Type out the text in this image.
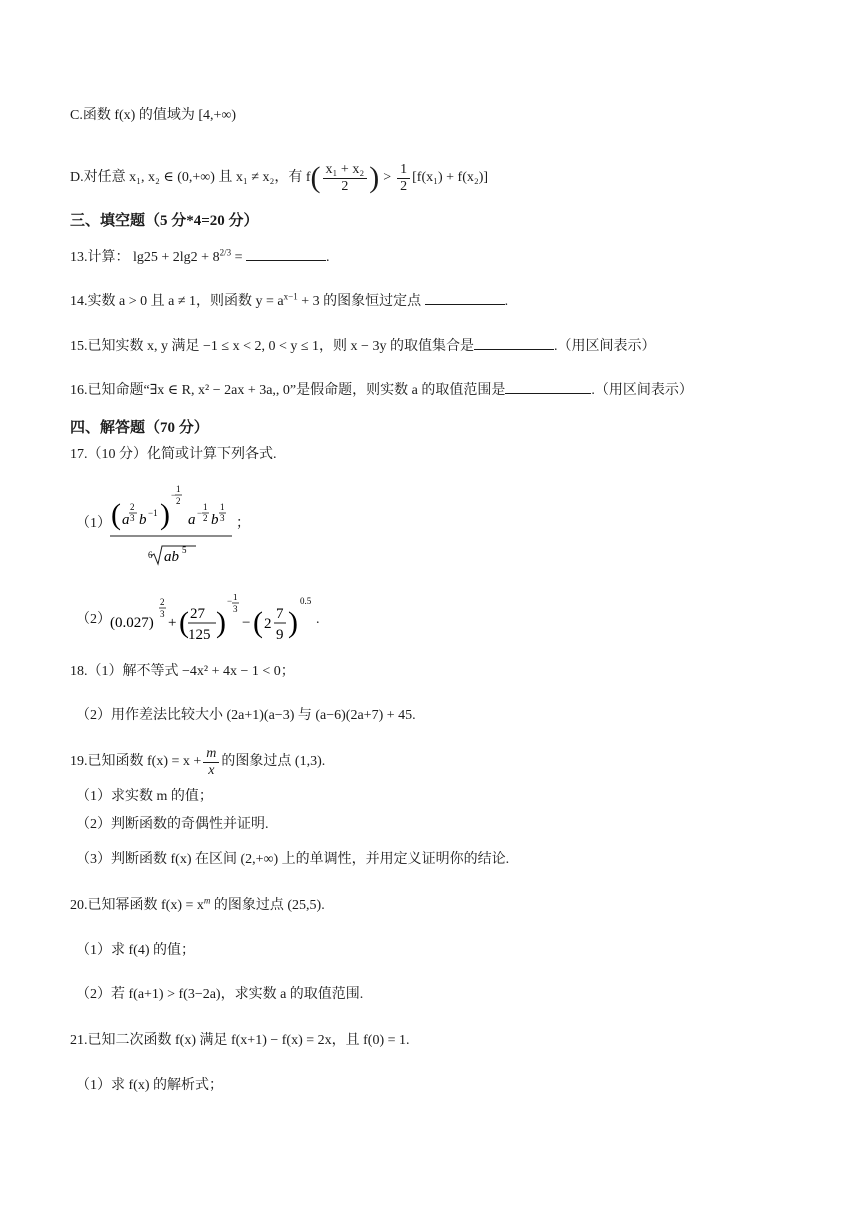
C.函数 f(x) 的值域为 [4,+∞)
D.对任意 x₁, x₂ ∈ (0,+∞) 且 x₁ ≠ x₂，有 f ( $\frac{\text{x₁ + x₂}}{2}$ ) > $\frac{1}{2} [f(x_1) + f(x_2)]$
三、填空题（5 分*4=20 分）
13.计算： $\lg 25 + 2\lg 2 + 8^{2/3}$ =	.
14.实数 a > 0 且 a ≠ 1，则函数 $y = a^{x-1} + 3$ 的图象恒过定点	.
15.已知实数 x, y 满足 −1 ≤ x < 2, 0 < y ≤ 1，则 x − 3y 的取值集合是	.（用区间表示）
16.已知命题“∃x ∈ R, x² − 2ax + 3a,, 0”是假命题，则实数 a 的取值范围是	.（用区间表示）
四、解答题（70 分）
17.（10 分）化简或计算下列各式.
（1） ( a
2
3 b −1 )
−
1
2
a −
1
2 b
1
3
6 ab 5
；
（2） (0.027)
2
3
+ ( 27
125 )
− 1
3
− ( 2
7
9 )
0.5
.
18.（1）解不等式 −4x² + 4x − 1 < 0；
（2）用作差法比较大小 (2a+1)(a−3) 与 (a−6)(2a+7) + 45.
19.已知函数 $f(x) = x + \frac{m}{x}$ 的图象过点 (1,3).
（1）求实数 m 的值；
（2）判断函数的奇偶性并证明.
（3）判断函数 f(x) 在区间 (2,+∞) 上的单调性，并用定义证明你的结论.
20.已知幂函数 $f(x) = x^m$ 的图象过点 (25,5).
（1）求 f(4) 的值；
（2）若 f(a+1) > f(3−2a)，求实数 a 的取值范围.
21.已知二次函数 f(x) 满足 f(x+1) − f(x) = 2x，且 f(0) = 1.
（1）求 f(x) 的解析式；
